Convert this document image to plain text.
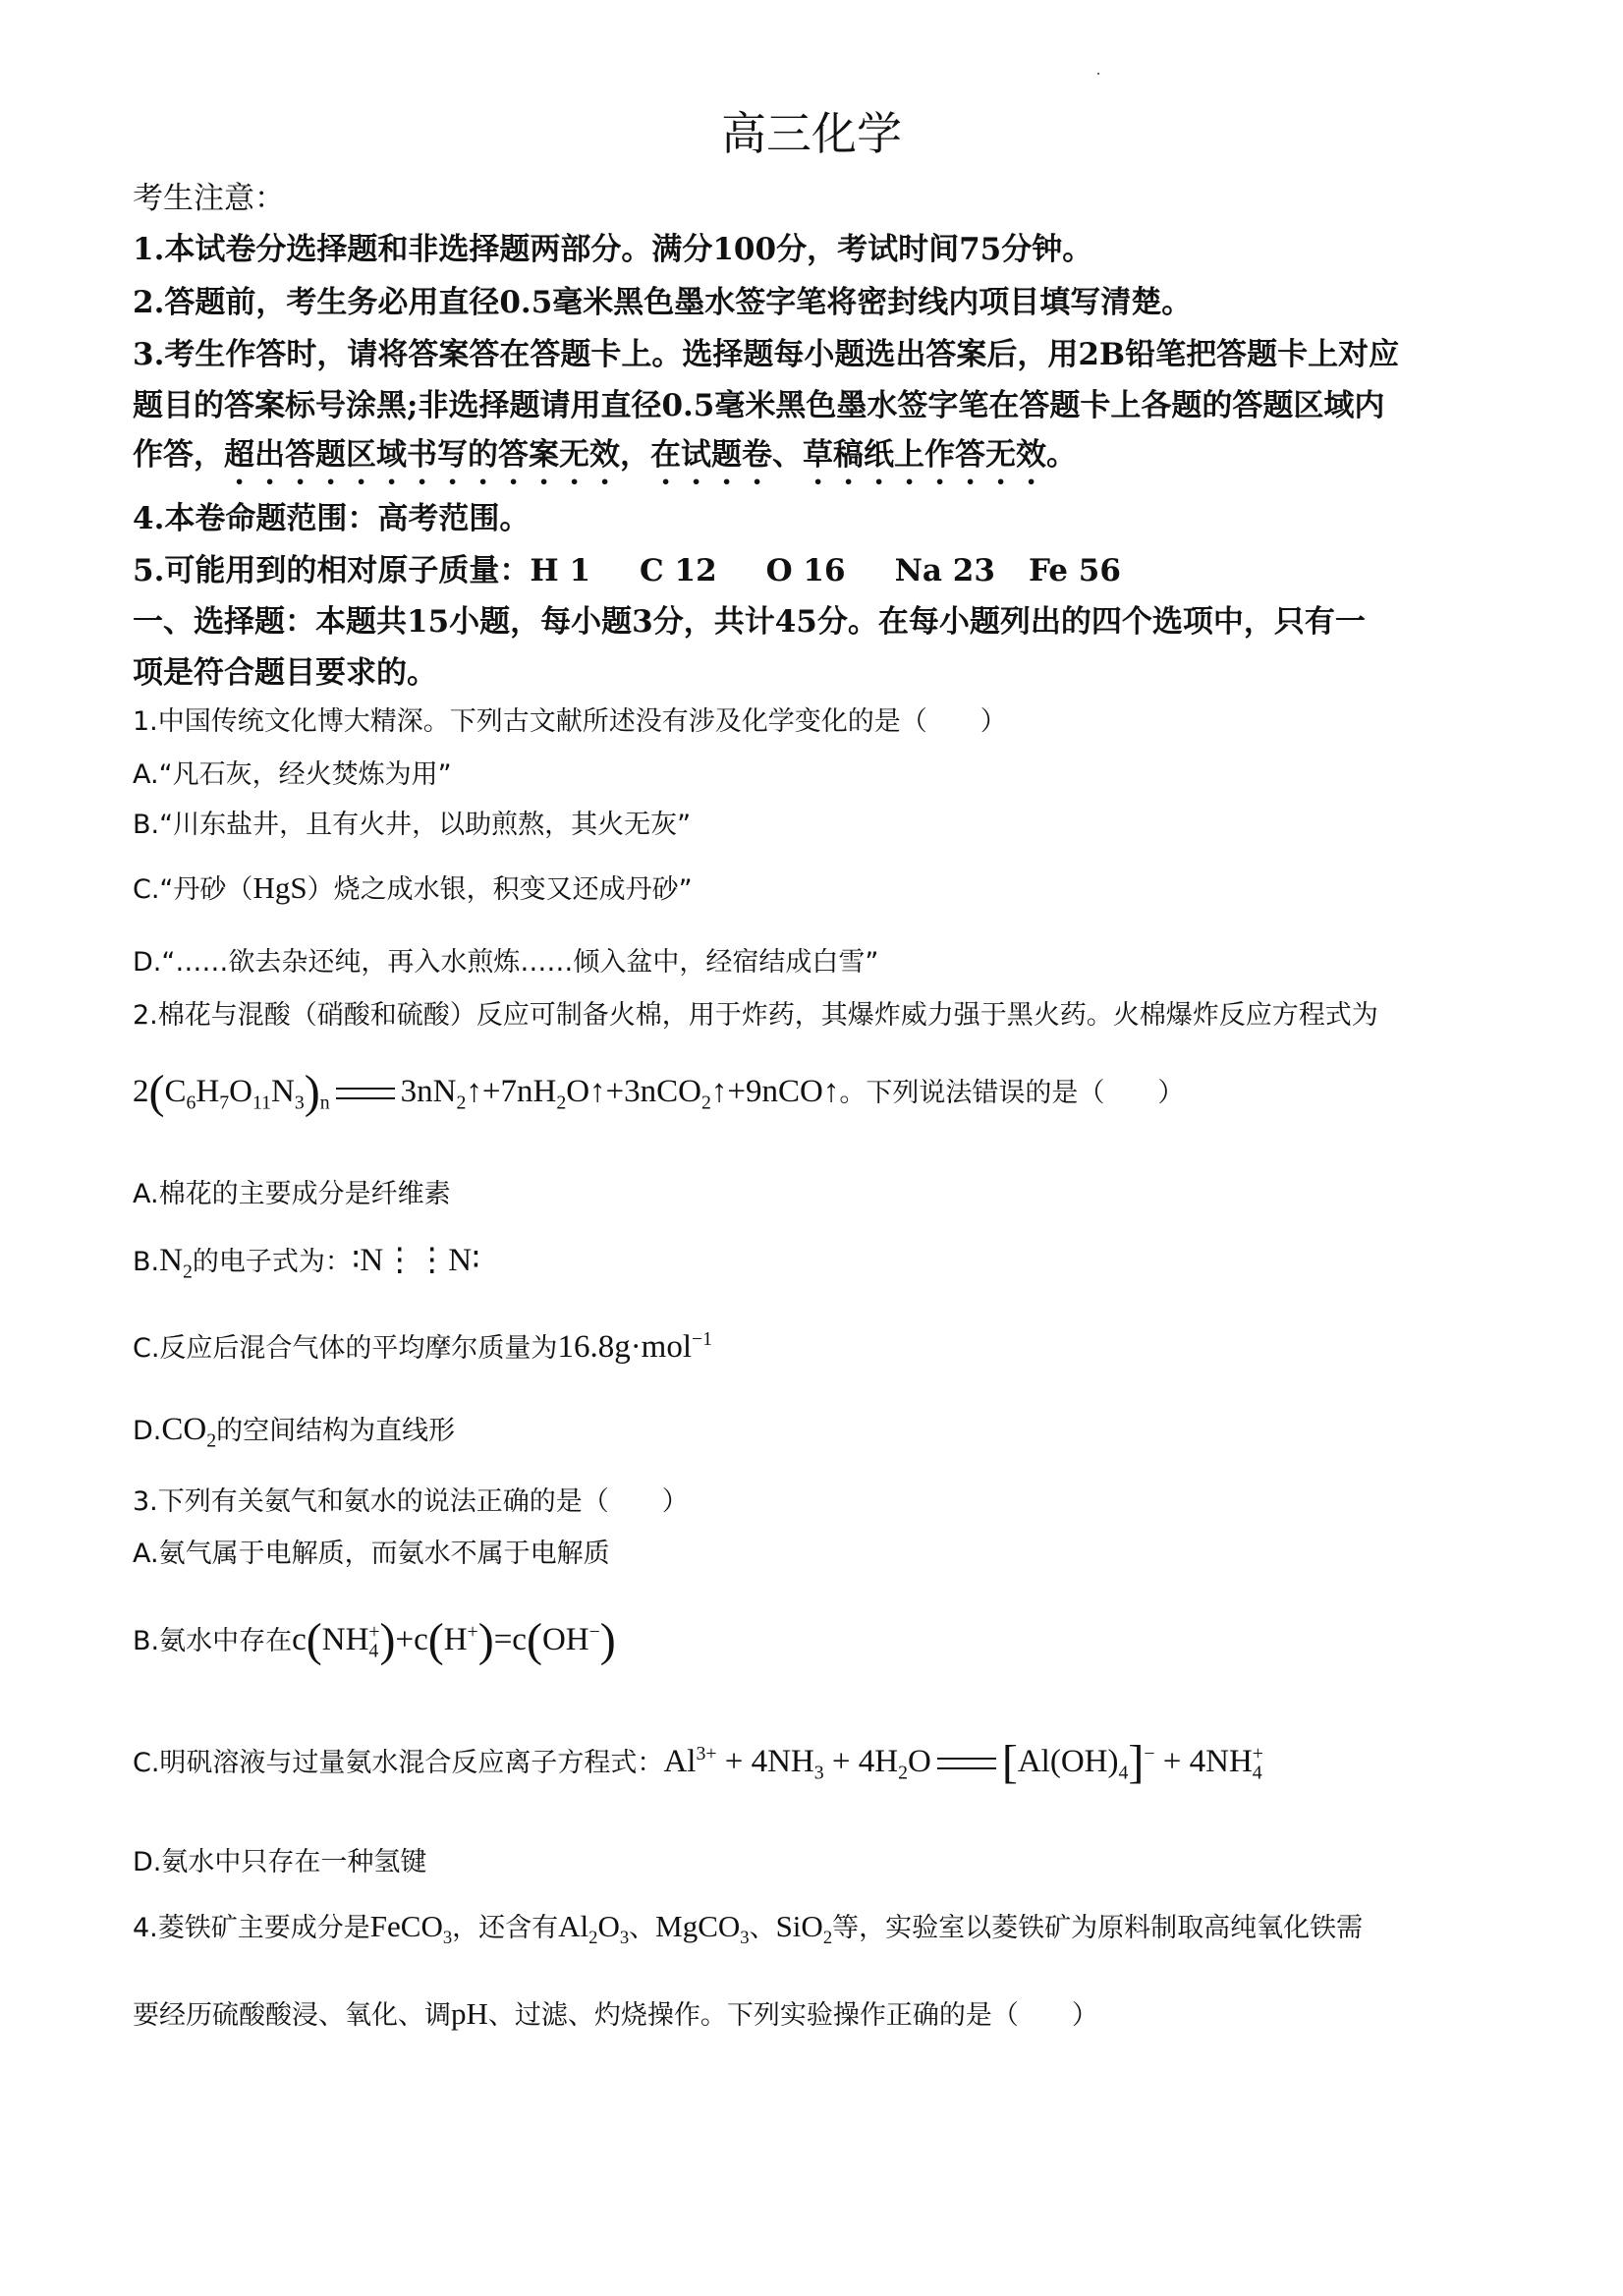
高三化学
考生注意：
1.本试卷分选择题和非选择题两部分。满分100分，考试时间75分钟。
2.答题前，考生务必用直径0.5毫米黑色墨水签字笔将密封线内项目填写清楚。
3.考生作答时，请将答案答在答题卡上。选择题每小题选出答案后，用2B铅笔把答题卡上对应
题目的答案标号涂黑;非选择题请用直径0.5毫米黑色墨水签字笔在答题卡上各题的答题区域内
作答，超出答题区域书写的答案无效，在试题卷、草稿纸上作答无效。
4.本卷命题范围：高考范围。
5.可能用到的相对原子质量：H 1 C 12 O 16 Na 23 Fe 56
一、选择题：本题共15小题，每小题3分，共计45分。在每小题列出的四个选项中，只有一
项是符合题目要求的。
1.中国传统文化博大精深。下列古文献所述没有涉及化学变化的是（　　）
A.“凡石灰，经火焚炼为用”
B.“川东盐井，且有火井，以助煎熬，其火无灰”
C.“丹砂（HgS）烧之成水银，积变又还成丹砂”
D.“……欲去杂还纯，再入水煎炼……倾入盆中，经宿结成白雪”
2.棉花与混酸（硝酸和硫酸）反应可制备火棉，用于炸药，其爆炸威力强于黑火药。火棉爆炸反应方程式为
$2(C_6H_7O_{11}N_3)_n$ $3nN_2↑+7nH_2O↑+3nCO_2↑+9nCO↑$。下列说法错误的是（　　）
A.棉花的主要成分是纤维素
$B.N_2$的电子式为：∶N⋮⋮N∶
C.反应后混合气体的平均摩尔质量为16.8g·mol$^{-1}$
$D.CO_2$的空间结构为直线形
3.下列有关氨气和氨水的说法正确的是（　　）
A.氨气属于电解质，而氨水不属于电解质
B.氨水中存在$c(NH_4^+)+c(H^+)=c(OH^-)$
C.明矾溶液与过量氨水混合反应离子方程式：$Al^{3+} + 4NH_3 + 4H_2O$ $[Al(OH)_4]^- + 4NH_4^+$
D.氨水中只存在一种氢键
4.菱铁矿主要成分是FeCO$_3$，还含有$Al_2O_3$、MgCO$_3$、SiO$_2$等，实验室以菱铁矿为原料制取高纯氧化铁需
要经历硫酸酸浸、氧化、调pH、过滤、灼烧操作。下列实验操作正确的是（　　）
